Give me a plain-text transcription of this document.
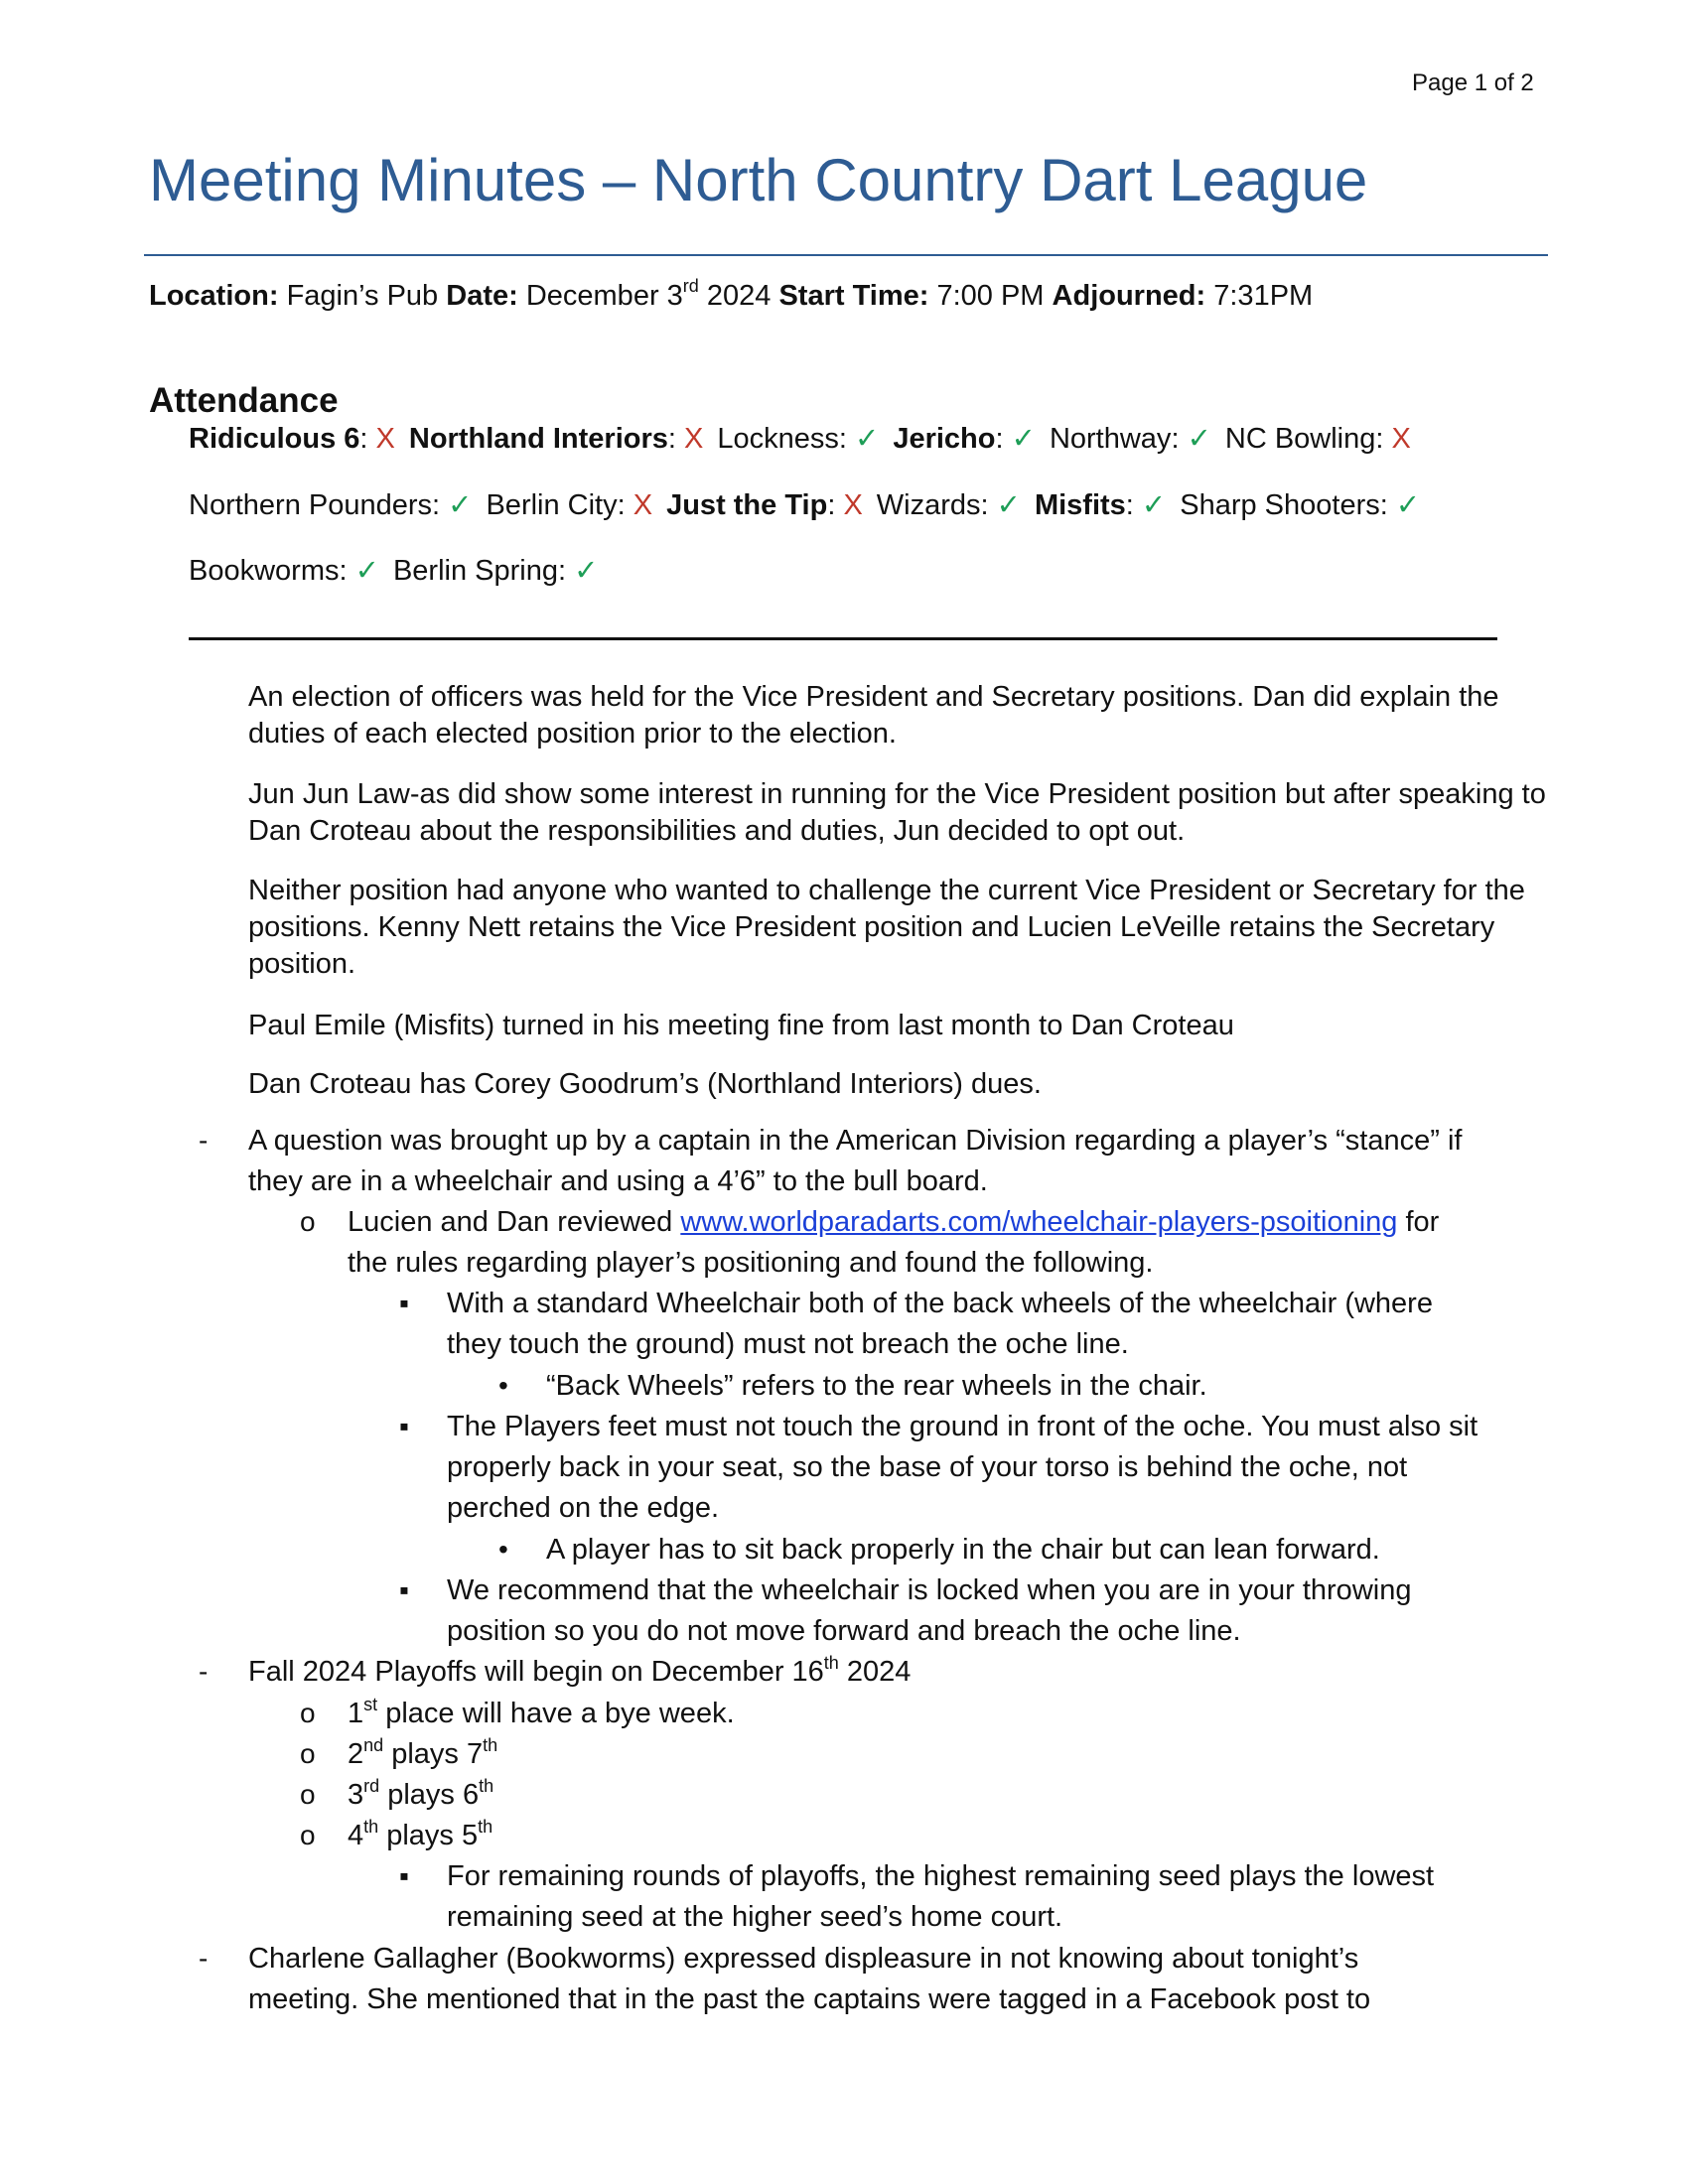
Page 1 of 2
Meeting Minutes – North Country Dart League
Location: Fagin’s Pub Date: December 3rd 2024 Start Time: 7:00 PM Adjourned: 7:31PM
Attendance
Ridiculous 6: X Northland Interiors: X Lockness: ✓ Jericho: ✓ Northway: ✓ NC Bowling: X
Northern Pounders: ✓ Berlin City: X Just the Tip: X Wizards: ✓ Misfits: ✓ Sharp Shooters: ✓
Bookworms: ✓ Berlin Spring: ✓
An election of officers was held for the Vice President and Secretary positions. Dan did explain the duties of each elected position prior to the election.
Jun Jun Law-as did show some interest in running for the Vice President position but after speaking to Dan Croteau about the responsibilities and duties, Jun decided to opt out.
Neither position had anyone who wanted to challenge the current Vice President or Secretary for the positions. Kenny Nett retains the Vice President position and Lucien LeVeille retains the Secretary position.
Paul Emile (Misfits) turned in his meeting fine from last month to Dan Croteau
Dan Croteau has Corey Goodrum’s (Northland Interiors) dues.
- A question was brought up by a captain in the American Division regarding a player’s “stance” if
they are in a wheelchair and using a 4’6” to the bull board.
o Lucien and Dan reviewed www.worldparadarts.com/wheelchair-players-psoitioning for
the rules regarding player’s positioning and found the following.
▪ With a standard Wheelchair both of the back wheels of the wheelchair (where
they touch the ground) must not breach the oche line.
• “Back Wheels” refers to the rear wheels in the chair.
▪ The Players feet must not touch the ground in front of the oche. You must also sit
properly back in your seat, so the base of your torso is behind the oche, not
perched on the edge.
• A player has to sit back properly in the chair but can lean forward.
▪ We recommend that the wheelchair is locked when you are in your throwing
position so you do not move forward and breach the oche line.
- Fall 2024 Playoffs will begin on December 16th 2024
o 1st place will have a bye week.
o 2nd plays 7th
o 3rd plays 6th
o 4th plays 5th
▪ For remaining rounds of playoffs, the highest remaining seed plays the lowest
remaining seed at the higher seed’s home court.
- Charlene Gallagher (Bookworms) expressed displeasure in not knowing about tonight’s
meeting. She mentioned that in the past the captains were tagged in a Facebook post to
